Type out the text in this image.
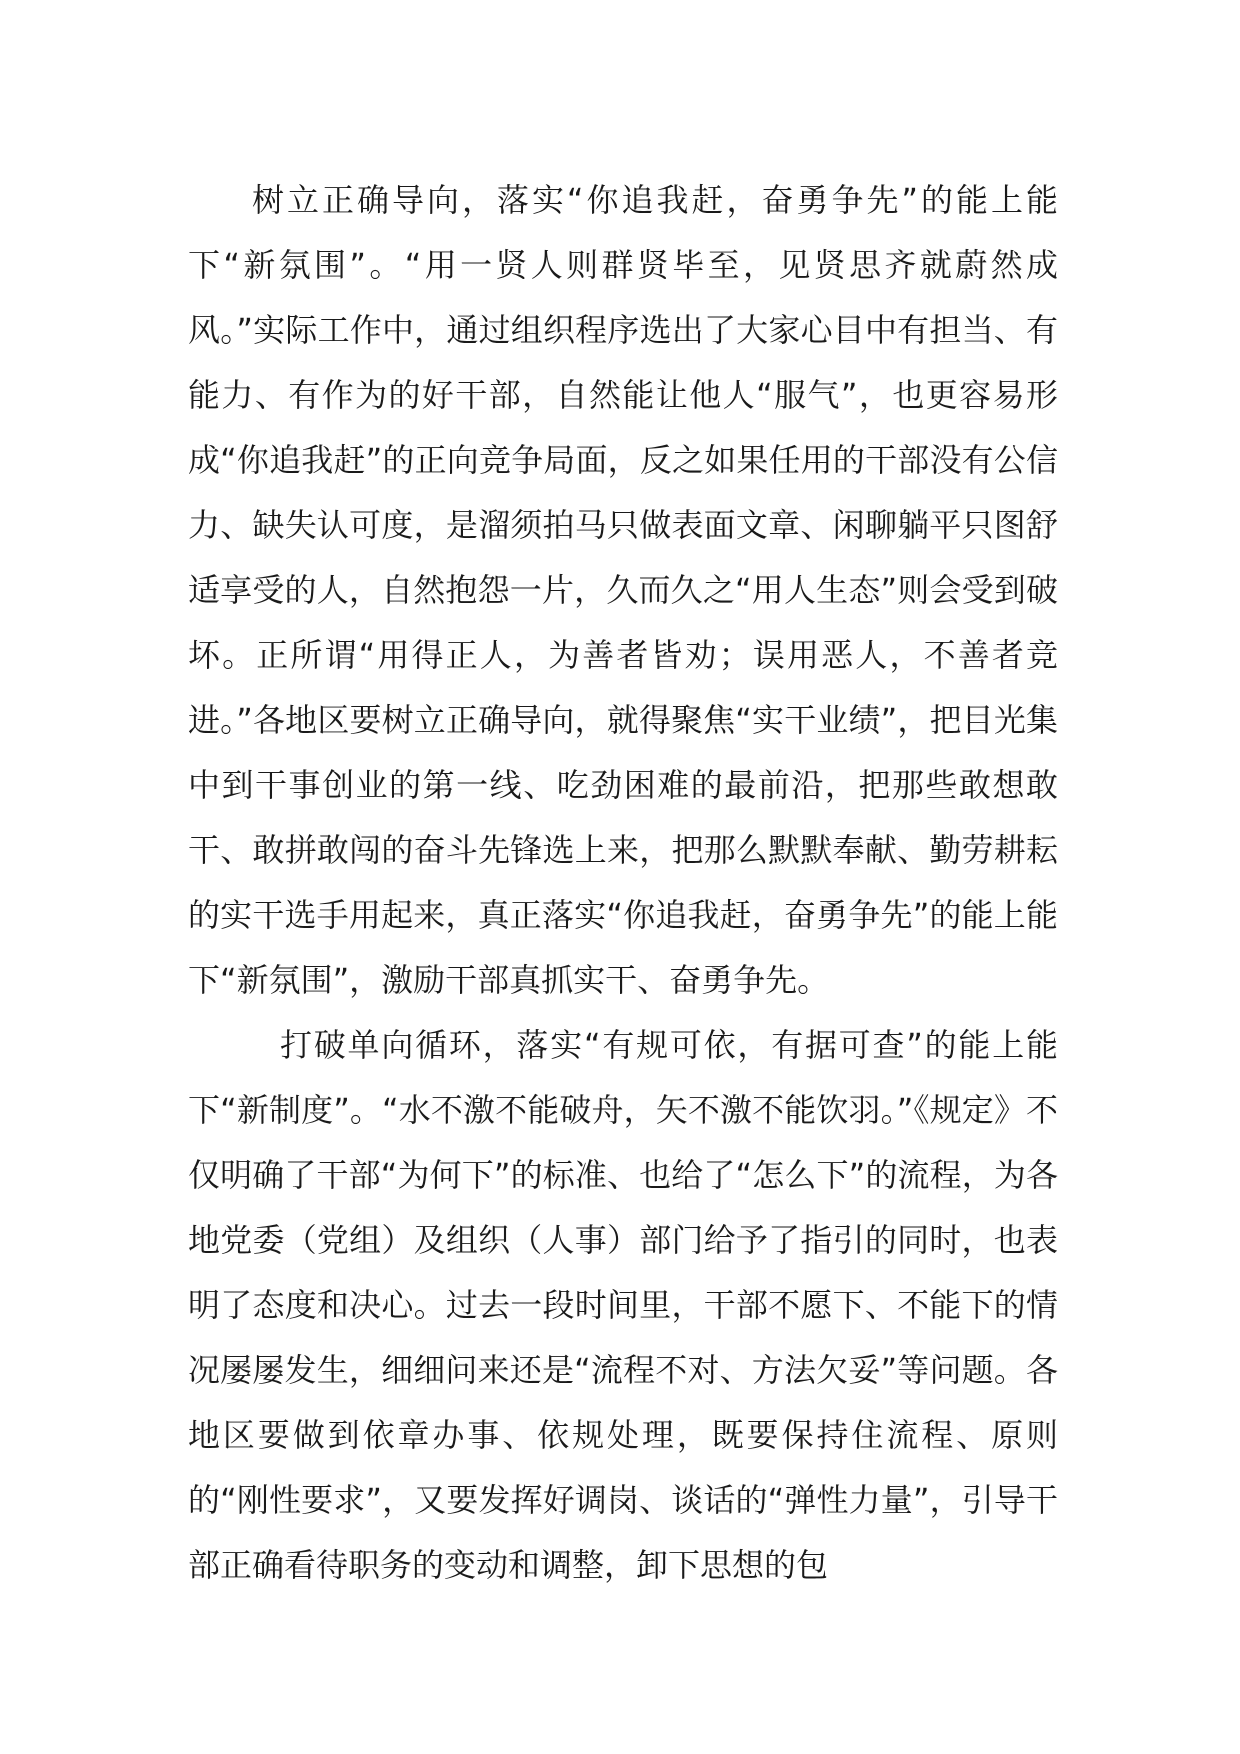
树立正确导向，落实“你追我赶，奋勇争先”的能上能下“新氛围”。“用一贤人则群贤毕至，见贤思齐就蔚然成风。”实际工作中，通过组织程序选出了大家心目中有担当、有能力、有作为的好干部，自然能让他人“服气”，也更容易形成“你追我赶”的正向竞争局面，反之如果任用的干部没有公信力、缺失认可度，是溜须拍马只做表面文章、闲聊躺平只图舒适享受的人，自然抱怨一片，久而久之“用人生态”则会受到破坏。正所谓“用得正人，为善者皆劝；误用恶人，不善者竞进。”各地区要树立正确导向，就得聚焦“实干业绩”，把目光集中到干事创业的第一线、吃劲困难的最前沿，把那些敢想敢干、敢拼敢闯的奋斗先锋选上来，把那么默默奉献、勤劳耕耘的实干选手用起来，真正落实“你追我赶，奋勇争先”的能上能下“新氛围”，激励干部真抓实干、奋勇争先。

打破单向循环，落实“有规可依，有据可查”的能上能下“新制度”。“水不激不能破舟，矢不激不能饮羽。”《规定》不仅明确了干部“为何下”的标准、也给了“怎么下”的流程，为各地党委（党组）及组织（人事）部门给予了指引的同时，也表明了态度和决心。过去一段时间里，干部不愿下、不能下的情况屡屡发生，细细问来还是“流程不对、方法欠妥”等问题。各地区要做到依章办事、依规处理，既要保持住流程、原则的“刚性要求”，又要发挥好调岗、谈话的“弹性力量”，引导干部正确看待职务的变动和调整，卸下思想的包
